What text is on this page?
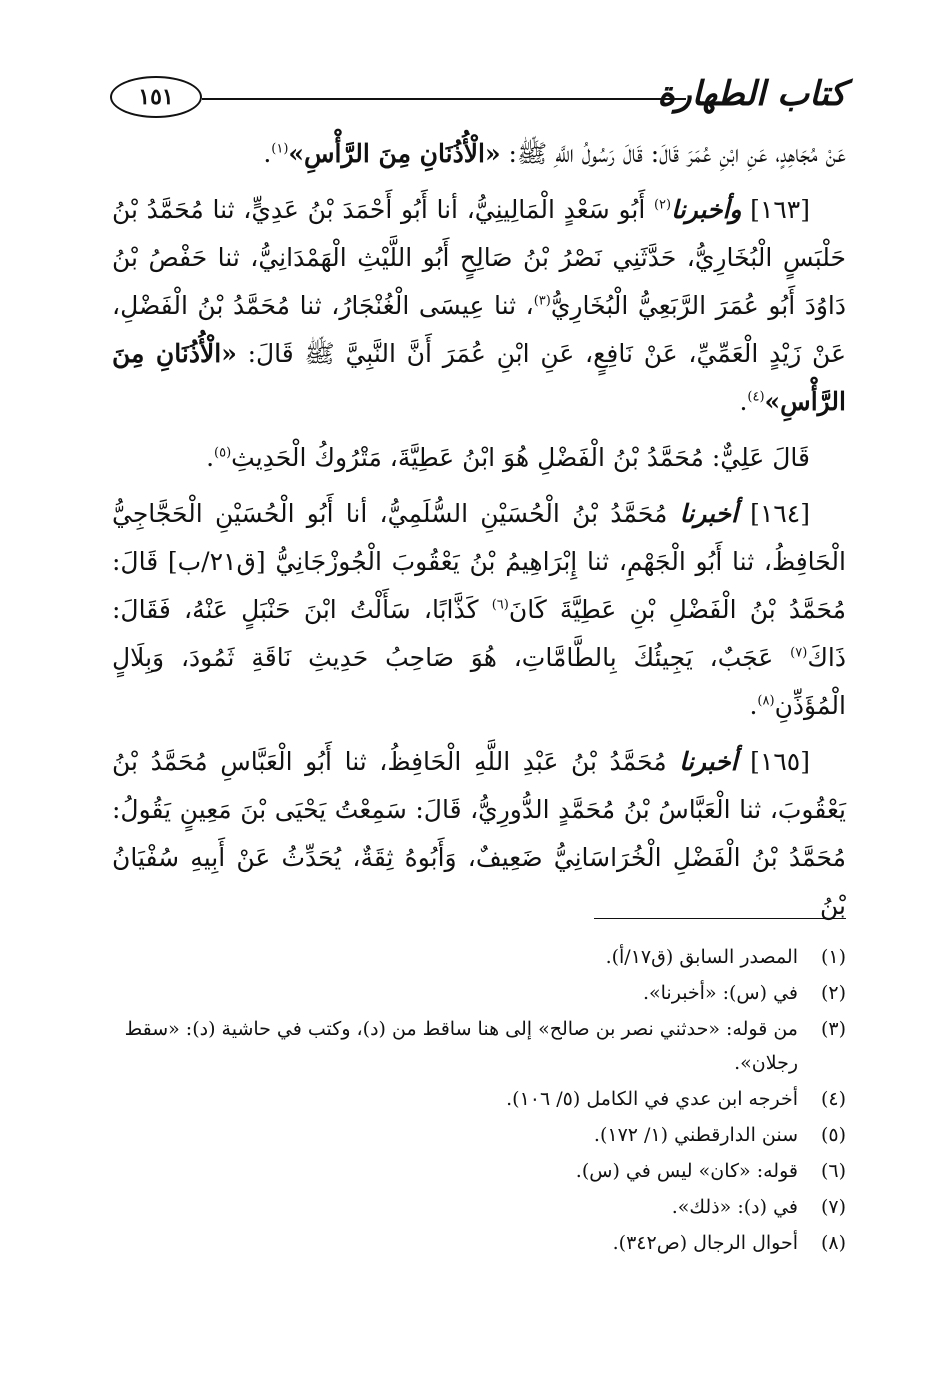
كتاب الطهارة
١٥١

عَنْ مُجَاهِدٍ، عَنِ ابْنِ عُمَرَ قَالَ: قَالَ رَسُولُ اللَّهِ ﷺ: «الْأُذُنَانِ مِنَ الرَّأْسِ»$^{(١)}$.

[١٦٣] وأخبرنا$^{(٢)}$ أَبُو سَعْدٍ الْمَالِينِيُّ، أنا أَبُو أَحْمَدَ بْنُ عَدِيٍّ، ثنا مُحَمَّدُ بْنُ حَلْبَسٍ الْبُخَارِيُّ، حَدَّثَنِي نَصْرُ بْنُ صَالِحٍ أَبُو اللَّيْثِ الْهَمْدَانِيُّ، ثنا حَفْصُ بْنُ دَاوُدَ أَبُو عُمَرَ الرَّبَعِيُّ الْبُخَارِيُّ$^{(٣)}$، ثنا عِيسَى الْغُنْجَارُ، ثنا مُحَمَّدُ بْنُ الْفَضْلِ، عَنْ زَيْدٍ الْعَمِّيِّ، عَنْ نَافِعٍ، عَنِ ابْنِ عُمَرَ أَنَّ النَّبِيَّ ﷺ قَالَ: «الْأُذُنَانِ مِنَ الرَّأْسِ»$^{(٤)}$.

قَالَ عَلِيٌّ: مُحَمَّدُ بْنُ الْفَضْلِ هُوَ ابْنُ عَطِيَّةَ، مَتْرُوكُ الْحَدِيثِ$^{(٥)}$.

[١٦٤] أخبرنا مُحَمَّدُ بْنُ الْحُسَيْنِ السُّلَمِيُّ، أنا أَبُو الْحُسَيْنِ الْحَجَّاجِيُّ الْحَافِظُ، ثنا أَبُو الْجَهْمِ، ثنا إِبْرَاهِيمُ بْنُ يَعْقُوبَ الْجُوزْجَانِيُّ [ق٢١/ب] قَالَ: مُحَمَّدُ بْنُ الْفَضْلِ بْنِ عَطِيَّةَ كَانَ$^{(٦)}$ كَذَّابًا، سَأَلْتُ ابْنَ حَنْبَلٍ عَنْهُ، فَقَالَ: ذَاكَ$^{(٧)}$ عَجَبٌ، يَجِيئُكَ بِالطَّامَّاتِ، هُوَ صَاحِبُ حَدِيثِ نَاقَةِ ثَمُودَ، وَبِلَالٍ الْمُؤَذِّنِ$^{(٨)}$.

[١٦٥] أخبرنا مُحَمَّدُ بْنُ عَبْدِ اللَّهِ الْحَافِظُ، ثنا أَبُو الْعَبَّاسِ مُحَمَّدُ بْنُ يَعْقُوبَ، ثنا الْعَبَّاسُ بْنُ مُحَمَّدٍ الدُّورِيُّ، قَالَ: سَمِعْتُ يَحْيَى بْنَ مَعِينٍ يَقُولُ: مُحَمَّدُ بْنُ الْفَضْلِ الْخُرَاسَانِيُّ ضَعِيفٌ، وَأَبُوهُ ثِقَةٌ، يُحَدِّثُ عَنْ أَبِيهِ سُفْيَانُ بْنُ

(١)
المصدر السابق (ق١٧/أ).
(٢)
في (س): «أخبرنا».
(٣)
من قوله: «حدثني نصر بن صالح» إلى هنا ساقط من (د)، وكتب في حاشية (د): «سقط رجلان».
(٤)
أخرجه ابن عدي في الكامل (٥/ ١٠٦).
(٥)
سنن الدارقطني (١/ ١٧٢).
(٦)
قوله: «كان» ليس في (س).
(٧)
في (د): «ذلك».
(٨)
أحوال الرجال (ص٣٤٢).
